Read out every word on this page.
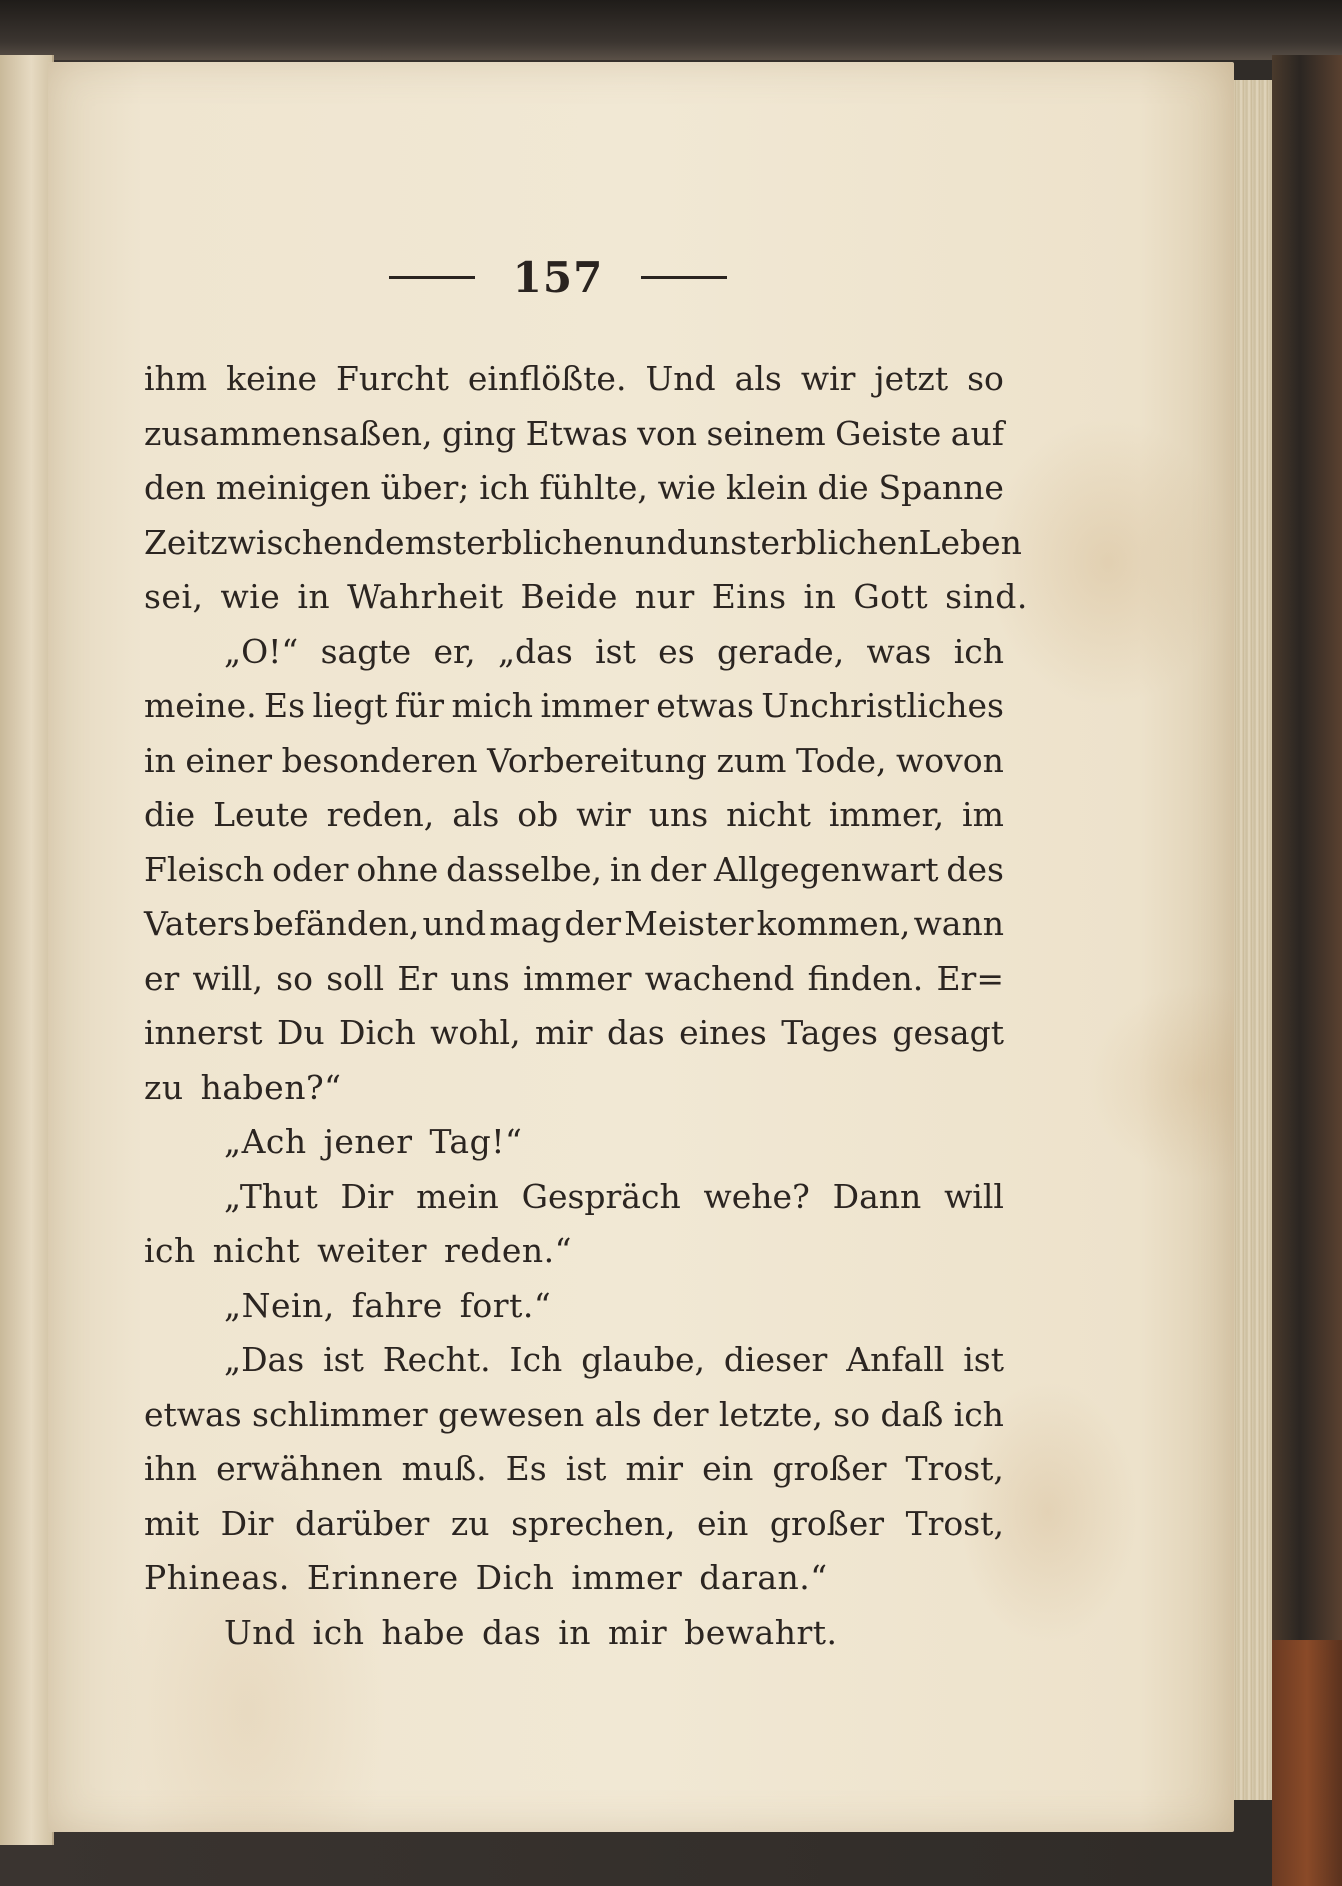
157
ihm keine Furcht einflößte. Und als wir jetzt so
zusammensaßen, ging Etwas von seinem Geiste auf
den meinigen über; ich fühlte, wie klein die Spanne
Zeit zwischen dem sterblichen und unsterblichen Leben
sei, wie in Wahrheit Beide nur Eins in Gott sind.
„O!“ sagte er, „das ist es gerade, was ich
meine. Es liegt für mich immer etwas Unchristliches
in einer besonderen Vorbereitung zum Tode, wovon
die Leute reden, als ob wir uns nicht immer, im
Fleisch oder ohne dasselbe, in der Allgegenwart des
Vaters befänden, und mag der Meister kommen, wann
er will, so soll Er uns immer wachend finden. Er=
innerst Du Dich wohl, mir das eines Tages gesagt
zu haben?“
„Ach jener Tag!“
„Thut Dir mein Gespräch wehe? Dann will
ich nicht weiter reden.“
„Nein, fahre fort.“
„Das ist Recht. Ich glaube, dieser Anfall ist
etwas schlimmer gewesen als der letzte, so daß ich
ihn erwähnen muß. Es ist mir ein großer Trost,
mit Dir darüber zu sprechen, ein großer Trost,
Phineas. Erinnere Dich immer daran.“
Und ich habe das in mir bewahrt.
